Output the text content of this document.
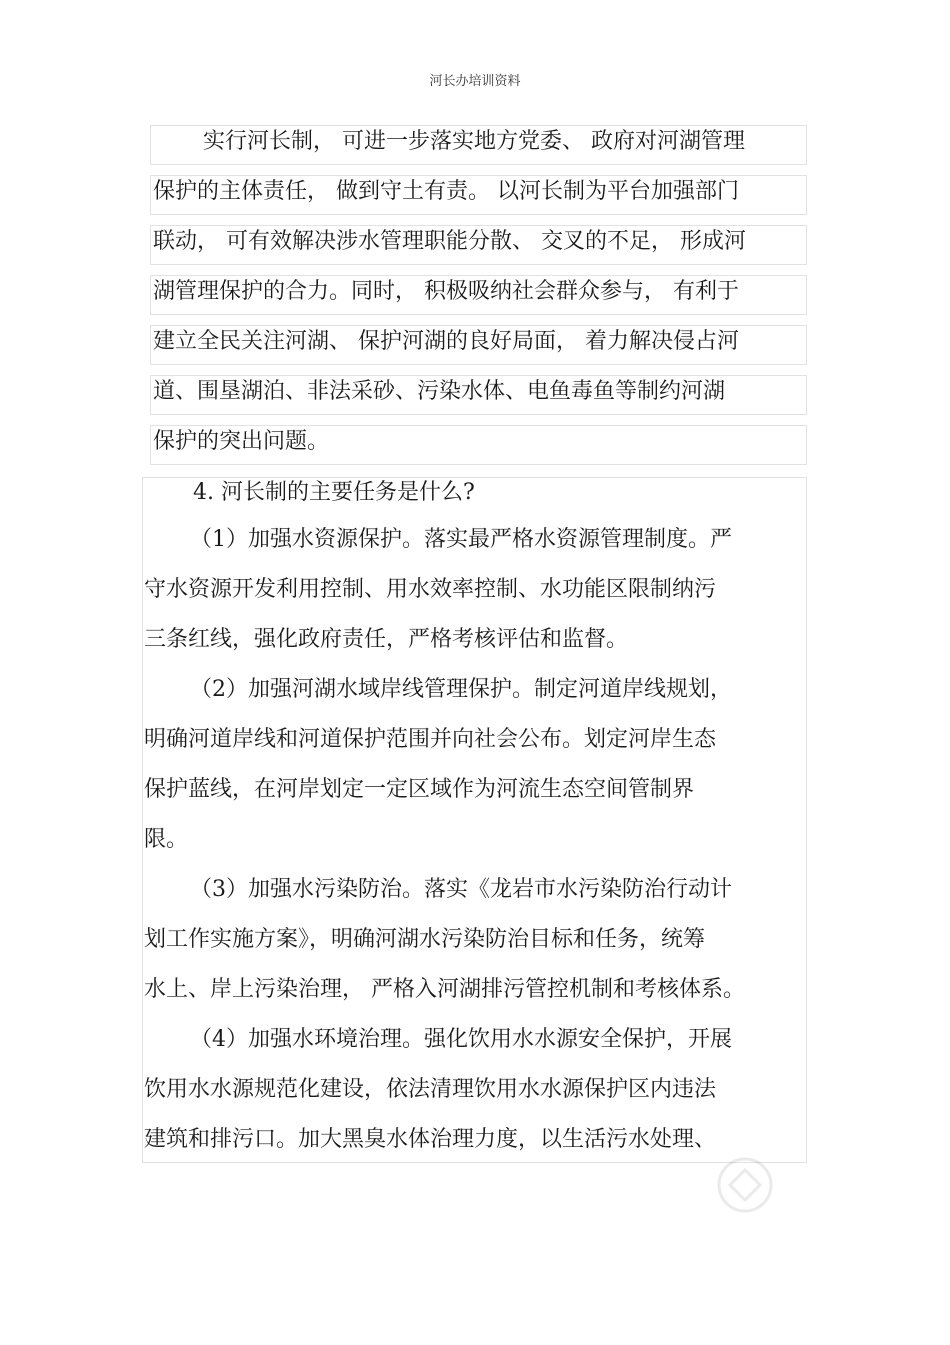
河长办培训资料
实行河长制， 可进一步落实地方党委、 政府对河湖管理
保护的主体责任， 做到守土有责。 以河长制为平台加强部门
联动， 可有效解决涉水管理职能分散、 交叉的不足， 形成河
湖管理保护的合力。同时， 积极吸纳社会群众参与， 有利于
建立全民关注河湖、 保护河湖的良好局面， 着力解决侵占河
道、围垦湖泊、非法采砂、污染水体、电鱼毒鱼等制约河湖
保护的突出问题。
4. 河长制的主要任务是什么?
（1）加强水资源保护。落实最严格水资源管理制度。严
守水资源开发利用控制、用水效率控制、水功能区限制纳污
三条红线，强化政府责任，严格考核评估和监督。
（2）加强河湖水域岸线管理保护。制定河道岸线规划，
明确河道岸线和河道保护范围并向社会公布。划定河岸生态
保护蓝线，在河岸划定一定区域作为河流生态空间管制界
限。
（3）加强水污染防治。落实《龙岩市水污染防治行动计
划工作实施方案》，明确河湖水污染防治目标和任务，统筹
水上、岸上污染治理， 严格入河湖排污管控机制和考核体系。
（4）加强水环境治理。强化饮用水水源安全保护，开展
饮用水水源规范化建设，依法清理饮用水水源保护区内违法
建筑和排污口。加大黑臭水体治理力度，以生活污水处理、
